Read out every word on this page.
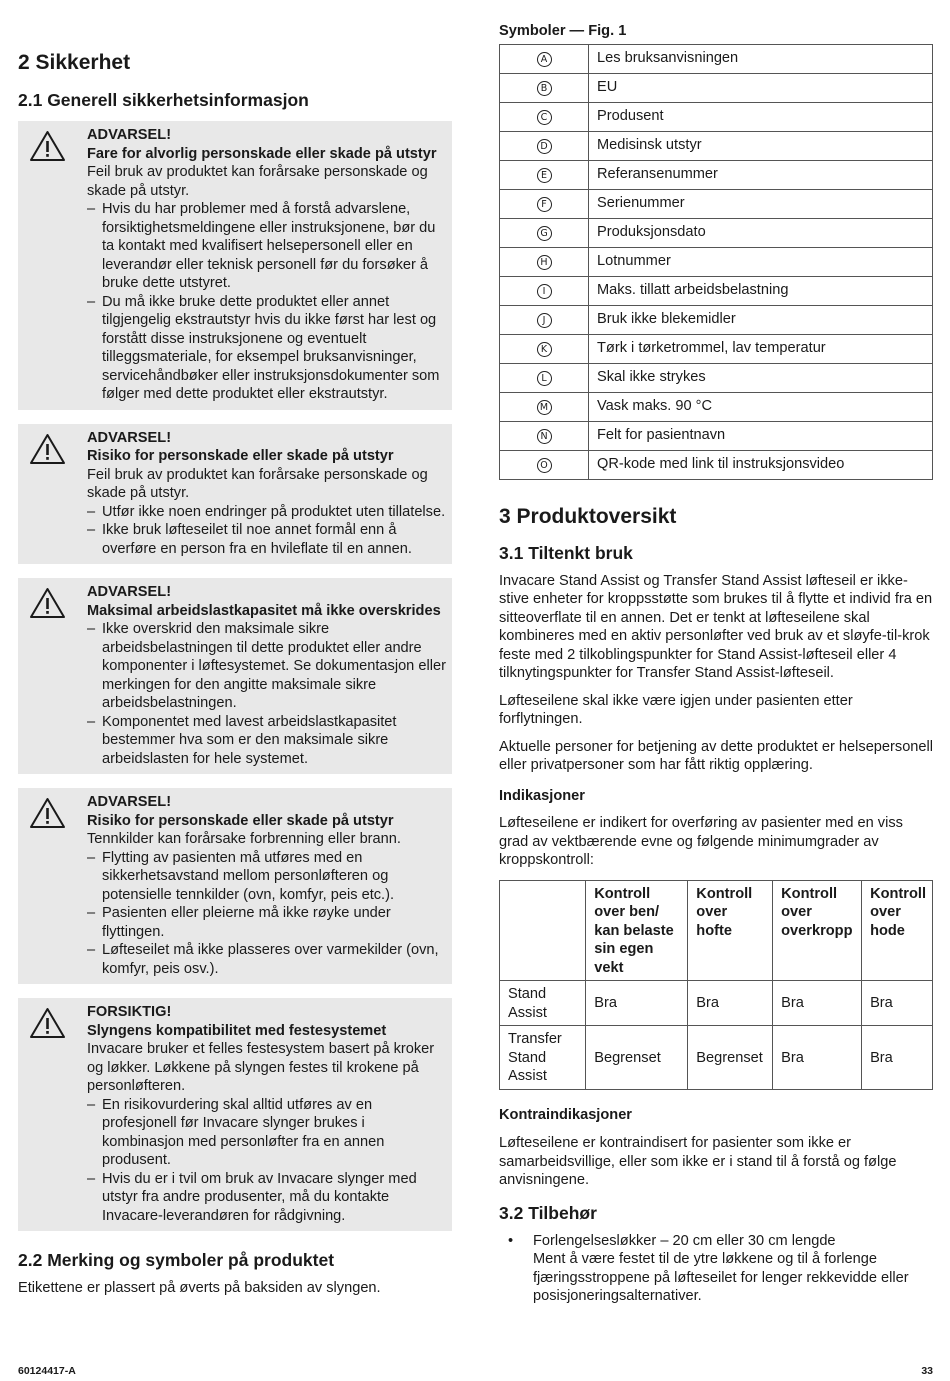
2 Sikkerhet
2.1 Generell sikkerhetsinformasjon
ADVARSEL!
Fare for alvorlig personskade eller skade på utstyr
Feil bruk av produktet kan forårsake personskade og skade på utstyr.
– Hvis du har problemer med å forstå advarslene, forsiktighetsmeldingene eller instruksjonene, bør du ta kontakt med kvalifisert helsepersonell eller en leverandør eller teknisk personell før du forsøker å bruke dette utstyret.
– Du må ikke bruke dette produktet eller annet tilgjengelig ekstrautstyr hvis du ikke først har lest og forstått disse instruksjonene og eventuelt tilleggsmateriale, for eksempel bruksanvisninger, servicehåndbøker eller instruksjonsdokumenter som følger med dette produktet eller ekstrautstyr.
ADVARSEL!
Risiko for personskade eller skade på utstyr
Feil bruk av produktet kan forårsake personskade og skade på utstyr.
– Utfør ikke noen endringer på produktet uten tillatelse.
– Ikke bruk løfteseilet til noe annet formål enn å overføre en person fra en hvileflate til en annen.
ADVARSEL!
Maksimal arbeidslastkapasitet må ikke overskrides
– Ikke overskrid den maksimale sikre arbeidsbelastningen til dette produktet eller andre komponenter i løftesystemet. Se dokumentasjon eller merkingen for den angitte maksimale sikre arbeidsbelastningen.
– Komponentet med lavest arbeidslastkapasitet bestemmer hva som er den maksimale sikre arbeidslasten for hele systemet.
ADVARSEL!
Risiko for personskade eller skade på utstyr
Tennkilder kan forårsake forbrenning eller brann.
– Flytting av pasienten må utføres med en sikkerhetsavstand mellom personløfteren og potensielle tennkilder (ovn, komfyr, peis etc.).
– Pasienten eller pleierne må ikke røyke under flyttingen.
– Løfteseilet må ikke plasseres over varmekilder (ovn, komfyr, peis osv.).
FORSIKTIG!
Slyngens kompatibilitet med festesystemet
Invacare bruker et felles festesystem basert på kroker og løkker. Løkkene på slyngen festes til krokene på personløfteren.
– En risikovurdering skal alltid utføres av en profesjonell før Invacare slynger brukes i kombinasjon med personløfter fra en annen produsent.
– Hvis du er i tvil om bruk av Invacare slynger med utstyr fra andre produsenter, må du kontakte Invacare-leverandøren for rådgivning.
2.2 Merking og symboler på produktet

Etikettene er plassert på øverts på baksiden av slyngen.

Symboler — Fig. 1
A	Les bruksanvisningen
B	EU
C	Produsent
D	Medisinsk utstyr
E	Referansenummer
F	Serienummer
G	Produksjonsdato
H	Lotnummer
I	Maks. tillatt arbeidsbelastning
J	Bruk ikke blekemidler
K	Tørk i tørketrommel, lav temperatur
L	Skal ikke strykes
M	Vask maks. 90 °C
N	Felt for pasientnavn
O	QR-kode med link til instruksjonsvideo
3 Produktoversikt
3.1 Tiltenkt bruk

Invacare Stand Assist og Transfer Stand Assist løfteseil er ikke-stive enheter for kroppsstøtte som brukes til å flytte et individ fra en sitteoverflate til en annen. Det er tenkt at løfteseilene skal kombineres med en aktiv personløfter ved bruk av et sløyfe-til-krok feste med 2 tilkoblingspunkter for Stand Assist-løfteseil eller 4 tilknytingspunkter for Transfer Stand Assist-løfteseil.

Løfteseilene skal ikke være igjen under pasienten etter forflytningen.

Aktuelle personer for betjening av dette produktet er helsepersonell eller privatpersoner som har fått riktig opplæring.

Indikasjoner

Løfteseilene er indikert for overføring av pasienter med en viss grad av vektbærende evne og følgende minimumgrader av kroppskontroll:

	Kontroll over ben/ kan belaste sin egen vekt	Kontroll over hofte	Kontroll over overkropp	Kontroll over hode
Stand Assist	Bra	Bra	Bra	Bra
Transfer Stand Assist	Begrenset	Begrenset	Bra	Bra
Kontraindikasjoner

Løfteseilene er kontraindisert for pasienter som ikke er samarbeidsvillige, eller som ikke er i stand til å forstå og følge anvisningene.

3.2 Tilbehør
• Forlengelsesløkker – 20 cm eller 30 cm lengde
Ment å være festet til de ytre løkkene og til å forlenge fjæringsstroppene på løfteseilet for lenger rekkevidde eller posisjoneringsalternativer.
60124417-A	33
